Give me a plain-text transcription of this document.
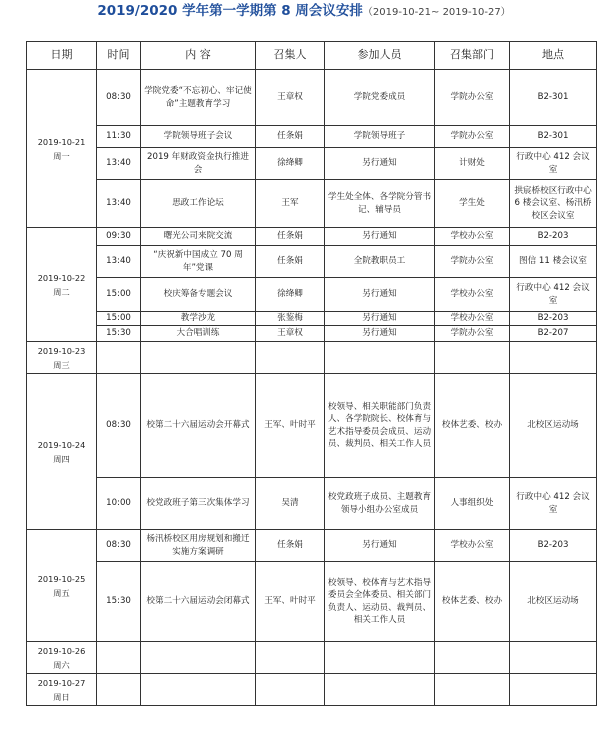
2019/2020 学年第一学期第 8 周会议安排（2019-10-21~ 2019-10-27）
日期	时间	内 容	召集人	参加人员	召集部门	地点

2019-10-21
周一	08:30	学院党委“不忘初心、牢记使命”主题教育学习	王章权	学院党委成员	学院办公室	B2-301
	11:30	学院领导班子会议	任条娟	学院领导班子	学院办公室	B2-301
	13:40	2019 年财政资金执行推进会	徐绛卿	另行通知	计财处	行政中心 412 会议室
	13:40	思政工作论坛	王军	学生处全体、各学院分管书记、辅导员	学生处	拱宸桥校区行政中心 6 楼会议室、杨汛桥校区会议室

2019-10-22
周二	09:30	曙光公司来院交流	任条娟	另行通知	学校办公室	B2-203
	13:40	“庆祝新中国成立 70 周年”党课	任条娟	全院教职员工	学院办公室	图信 11 楼会议室
	15:00	校庆筹备专题会议	徐绛卿	另行通知	学校办公室	行政中心 412 会议室
	15:00	教学沙龙	张鉴梅	另行通知	学校办公室	B2-203
	15:30	大合唱训练	王章权	另行通知	学院办公室	B2-207

2019-10-23
周三						

2019-10-24
周四	08:30	校第二十六届运动会开幕式	王军、叶时平	校领导、相关职能部门负责人、各学院院长、校体育与艺术指导委员会成员、运动员、裁判员、相关工作人员	校体艺委、校办	北校区运动场
	10:00	校党政班子第三次集体学习	吴清	校党政班子成员、主题教育领导小组办公室成员	人事组织处	行政中心 412 会议室

2019-10-25
周五	08:30	杨汛桥校区用房规划和搬迁实施方案调研	任条娟	另行通知	学校办公室	B2-203
	15:30	校第二十六届运动会闭幕式	王军、叶时平	校领导、校体育与艺术指导委员会全体委员、相关部门负责人、运动员、裁判员、相关工作人员	校体艺委、校办	北校区运动场

2019-10-26
周六						

2019-10-27
周日						
